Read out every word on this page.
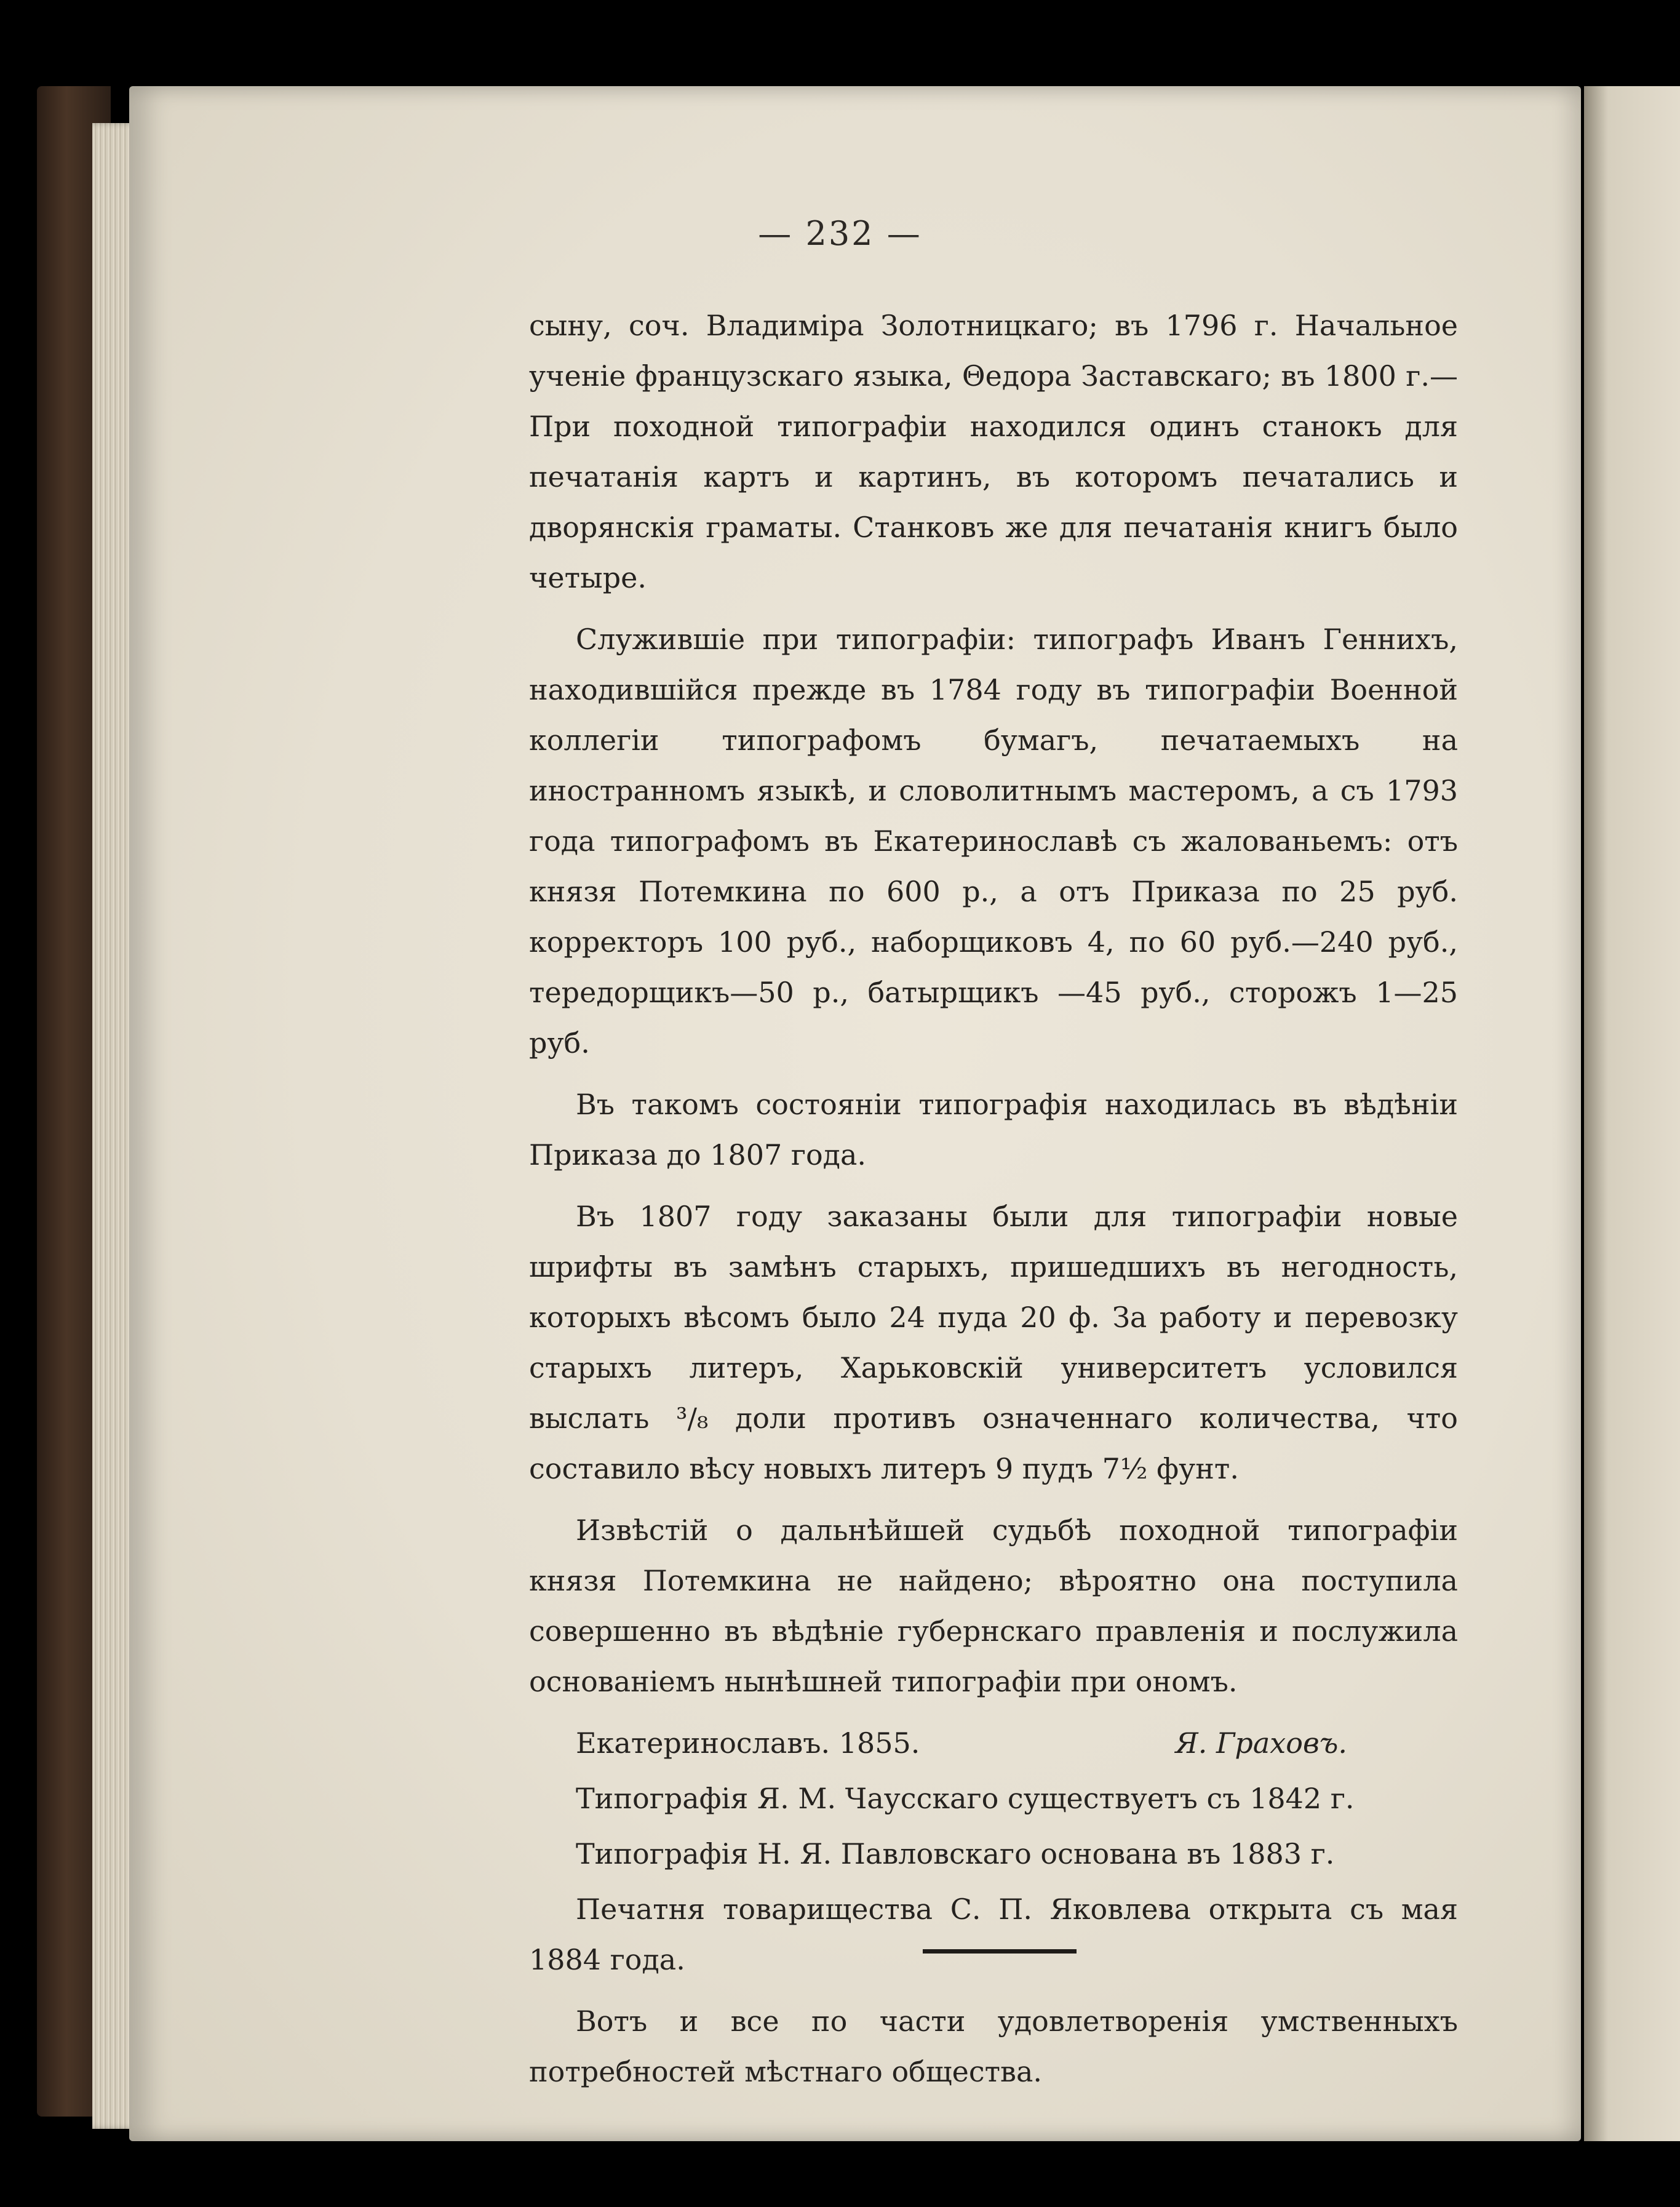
— 232 —

сыну, соч. Владиміра Золотницкаго; въ 1796 г. Начальное ученіе французскаго языка, Θедора Заставскаго; въ 1800 г.— При походной типографіи находился одинъ станокъ для печатанія картъ и картинъ, въ которомъ печатались и дворянскія граматы. Станковъ же для печатанія книгъ было четыре.

Служившіе при типографіи: типографъ Иванъ Геннихъ, находившійся прежде въ 1784 году въ типографіи Военной коллегіи типографомъ бумагъ, печатаемыхъ на иностранномъ языкѣ, и словолитнымъ мастеромъ, а съ 1793 года типографомъ въ Екатеринославѣ съ жалованьемъ: отъ князя Потемкина по 600 р., а отъ Приказа по 25 руб. корректоръ 100 руб., наборщиковъ 4, по 60 руб.—240 руб., тередорщикъ—50 р., батырщикъ —45 руб., сторожъ 1—25 руб.

Въ такомъ состояніи типографія находилась въ вѣдѣніи Приказа до 1807 года.

Въ 1807 году заказаны были для типографіи новые шрифты въ замѣнъ старыхъ, пришедшихъ въ негодность, которыхъ вѣсомъ было 24 пуда 20 ф. За работу и перевозку старыхъ литеръ, Харьковскій университетъ условился выслать ³/₈ доли противъ означеннаго количества, что составило вѣсу новыхъ литеръ 9 пудъ 7½ фунт.

Извѣстій о дальнѣйшей судьбѣ походной типографіи князя Потемкина не найдено; вѣроятно она поступила совершенно въ вѣдѣніе губернскаго правленія и послужила основаніемъ нынѣшней типографіи при ономъ.

Екатеринославъ. 1855.	Я. Граховъ.

Типографія Я. М. Чаусскаго существуетъ съ 1842 г.

Типографія Н. Я. Павловскаго основана въ 1883 г.

Печатня товарищества С. П. Яковлева открыта съ мая 1884 года.

Вотъ и все по части удовлетворенія умственныхъ потребностей мѣстнаго общества.
